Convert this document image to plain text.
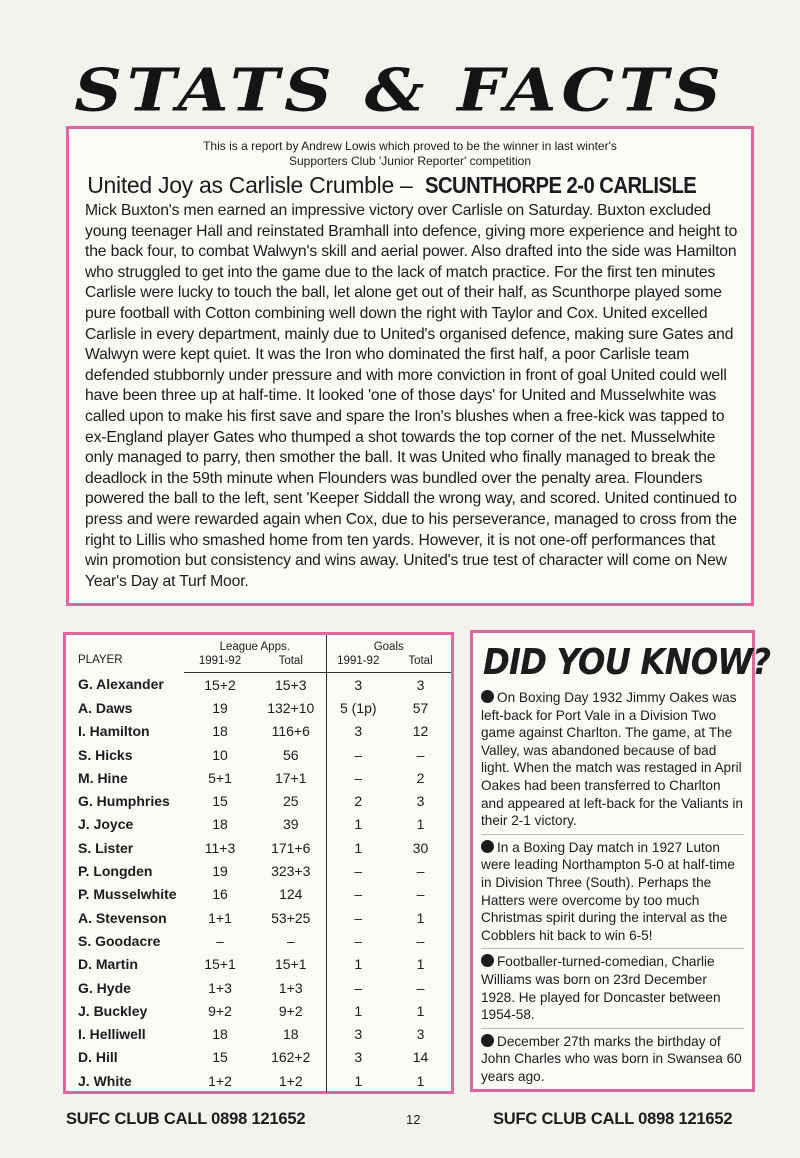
STATS & FACTS

This is a report by Andrew Lowis which proved to be the winner in last winter's
Supporters Club 'Junior Reporter' competition

United Joy as Carlisle Crumble – SCUNTHORPE 2-0 CARLISLE
Mick Buxton's men earned an impressive victory over Carlisle on Saturday. Buxton excluded young teenager Hall and reinstated Bramhall into defence, giving more experience and height to the back four, to combat Walwyn's skill and aerial power. Also drafted into the side was Hamilton who struggled to get into the game due to the lack of match practice. For the first ten minutes Carlisle were lucky to touch the ball, let alone get out of their half, as Scunthorpe played some pure football with Cotton combining well down the right with Taylor and Cox. United excelled Carlisle in every department, mainly due to United's organised defence, making sure Gates and Walwyn were kept quiet. It was the Iron who dominated the first half, a poor Carlisle team defended stubbornly under pressure and with more conviction in front of goal United could well have been three up at half-time. It looked 'one of those days' for United and Musselwhite was called upon to make his first save and spare the Iron's blushes when a free-kick was tapped to ex-England player Gates who thumped a shot towards the top corner of the net. Musselwhite only managed to parry, then smother the ball. It was United who finally managed to break the deadlock in the 59th minute when Flounders was bundled over the penalty area. Flounders powered the ball to the left, sent 'Keeper Siddall the wrong way, and scored. United continued to press and were rewarded again when Cox, due to his perseverance, managed to cross from the right to Lillis who smashed home from ten yards. However, it is not one-off performances that win promotion but consistency and wins away. United's true test of character will come on New Year's Day at Turf Moor.
PLAYER	League Apps.		Goals	
	1991-92	Total	1991-92	Total
G. Alexander	15+2	15+3	3	3
A. Daws	19	132+10	5 (1p)	57
I. Hamilton	18	116+6	3	12
S. Hicks	10	56	–	–
M. Hine	5+1	17+1	–	2
G. Humphries	15	25	2	3
J. Joyce	18	39	1	1
S. Lister	11+3	171+6	1	30
P. Longden	19	323+3	–	–
P. Musselwhite	16	124	–	–
A. Stevenson	1+1	53+25	–	1
S. Goodacre	–	–	–	–
D. Martin	15+1	15+1	1	1
G. Hyde	1+3	1+3	–	–
J. Buckley	9+2	9+2	1	1
I. Helliwell	18	18	3	3
D. Hill	15	162+2	3	14
J. White	1+2	1+2	1	1
DID YOU KNOW?
On Boxing Day 1932 Jimmy Oakes was left-back for Port Vale in a Division Two game against Charlton. The game, at The Valley, was abandoned because of bad light. When the match was restaged in April Oakes had been transferred to Charlton and appeared at left-back for the Valiants in their 2-1 victory.
In a Boxing Day match in 1927 Luton were leading Northampton 5-0 at half-time in Division Three (South). Perhaps the Hatters were overcome by too much Christmas spirit during the interval as the Cobblers hit back to win 6-5!
Footballer-turned-comedian, Charlie Williams was born on 23rd December 1928. He played for Doncaster between 1954-58.
December 27th marks the birthday of John Charles who was born in Swansea 60 years ago.
SUFC CLUB CALL 0898 121652	12	SUFC CLUB CALL 0898 121652
